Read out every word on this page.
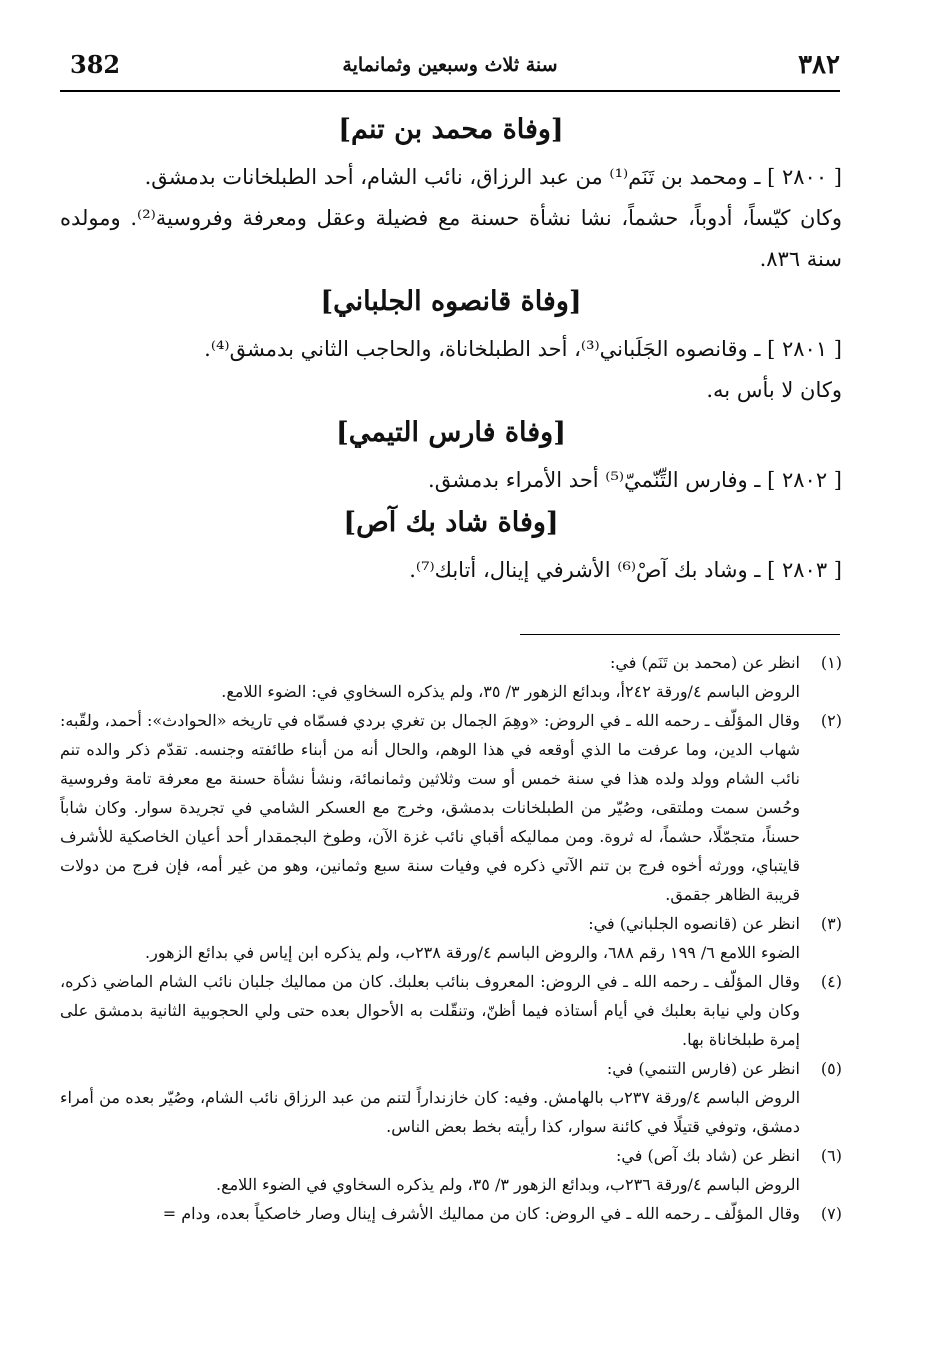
382	سنة ثلاث وسبعين وثمانماية	٣٨٢
[وفاة محمد بن تنم]

[ ٢٨٠٠ ] ـ ومحمد بن تَنَم⁽¹⁾ من عبد الرزاق، نائب الشام، أحد الطبلخانات بدمشق.

وكان كيّساً، أدوباً، حشماً، نشا نشأة حسنة مع فضيلة وعقل ومعرفة وفروسية⁽²⁾. ومولده سنة ٨٣٦.

[وفاة قانصوه الجلباني]

[ ٢٨٠١ ] ـ وقانصوه الجَلَباني⁽³⁾، أحد الطبلخاناة، والحاجب الثاني بدمشق⁽⁴⁾.

وكان لا بأس به.

[وفاة فارس التيمي]

[ ٢٨٠٢ ] ـ وفارس التِّنّميّ⁽⁵⁾ أحد الأمراء بدمشق.

[وفاة شاد بك آص]

[ ٢٨٠٣ ] ـ وشاد بك آصْ⁽⁶⁾ الأشرفي إينال، أتابك⁽⁷⁾.

(١)
انظر عن (محمد بن تَنَم) في:
الروض الباسم ٤/ورقة ٢٤٢أ، وبدائع الزهور ٣/ ٣٥، ولم يذكره السخاوي في: الضوء اللامع.
(٢)
وقال المؤلّف ـ رحمه الله ـ في الروض: «وهِمَ الجمال بن تغري بردي فسمّاه في تاريخه «الحوادث»: أحمد، ولقّبه: شهاب الدين، وما عرفت ما الذي أوقعه في هذا الوهم، والحال أنه من أبناء طائفته وجنسه. تقدّم ذكر والده تنم نائب الشام وولد ولده هذا في سنة خمس أو ست وثلاثين وثمانمائة، ونشأ نشأة حسنة مع معرفة تامة وفروسية وحُسن سمت وملتقى، وصُيّر من الطبلخانات بدمشق، وخرج مع العسكر الشامي في تجريدة سوار. وكان شاباً حسناً، متجمّلًا، حشماً، له ثروة. ومن مماليكه أقباي نائب غزة الآن، وطوخ البجمقدار أحد أعيان الخاصكية للأشرف قايتباي، وورثه أخوه فرج بن تنم الآتي ذكره في وفيات سنة سبع وثمانين، وهو من غير أمه، فإن فرج من دولات قريبة الظاهر جقمق.
(٣)
انظر عن (قانصوه الجلباني) في:
الضوء اللامع ٦/ ١٩٩ رقم ٦٨٨، والروض الباسم ٤/ورقة ٢٣٨ب، ولم يذكره ابن إياس في بدائع الزهور.
(٤)
وقال المؤلّف ـ رحمه الله ـ في الروض: المعروف بنائب بعلبك. كان من مماليك جلبان نائب الشام الماضي ذكره، وكان ولي نيابة بعلبك في أيام أستاذه فيما أظنّ، وتنقّلت به الأحوال بعده حتى ولي الحجوبية الثانية بدمشق على إمرة طبلخاناة بها.
(٥)
انظر عن (فارس التنمي) في:
الروض الباسم ٤/ورقة ٢٣٧ب بالهامش. وفيه: كان خازنداراً لتنم من عبد الرزاق نائب الشام، وصُيّر بعده من أمراء دمشق، وتوفي قتيلًا في كائنة سوار، كذا رأيته بخط بعض الناس.
(٦)
انظر عن (شاد بك آص) في:
الروض الباسم ٤/ورقة ٢٣٦ب، وبدائع الزهور ٣/ ٣٥، ولم يذكره السخاوي في الضوء اللامع.
(٧)
وقال المؤلّف ـ رحمه الله ـ في الروض: كان من مماليك الأشرف إينال وصار خاصكياً بعده، ودام =
